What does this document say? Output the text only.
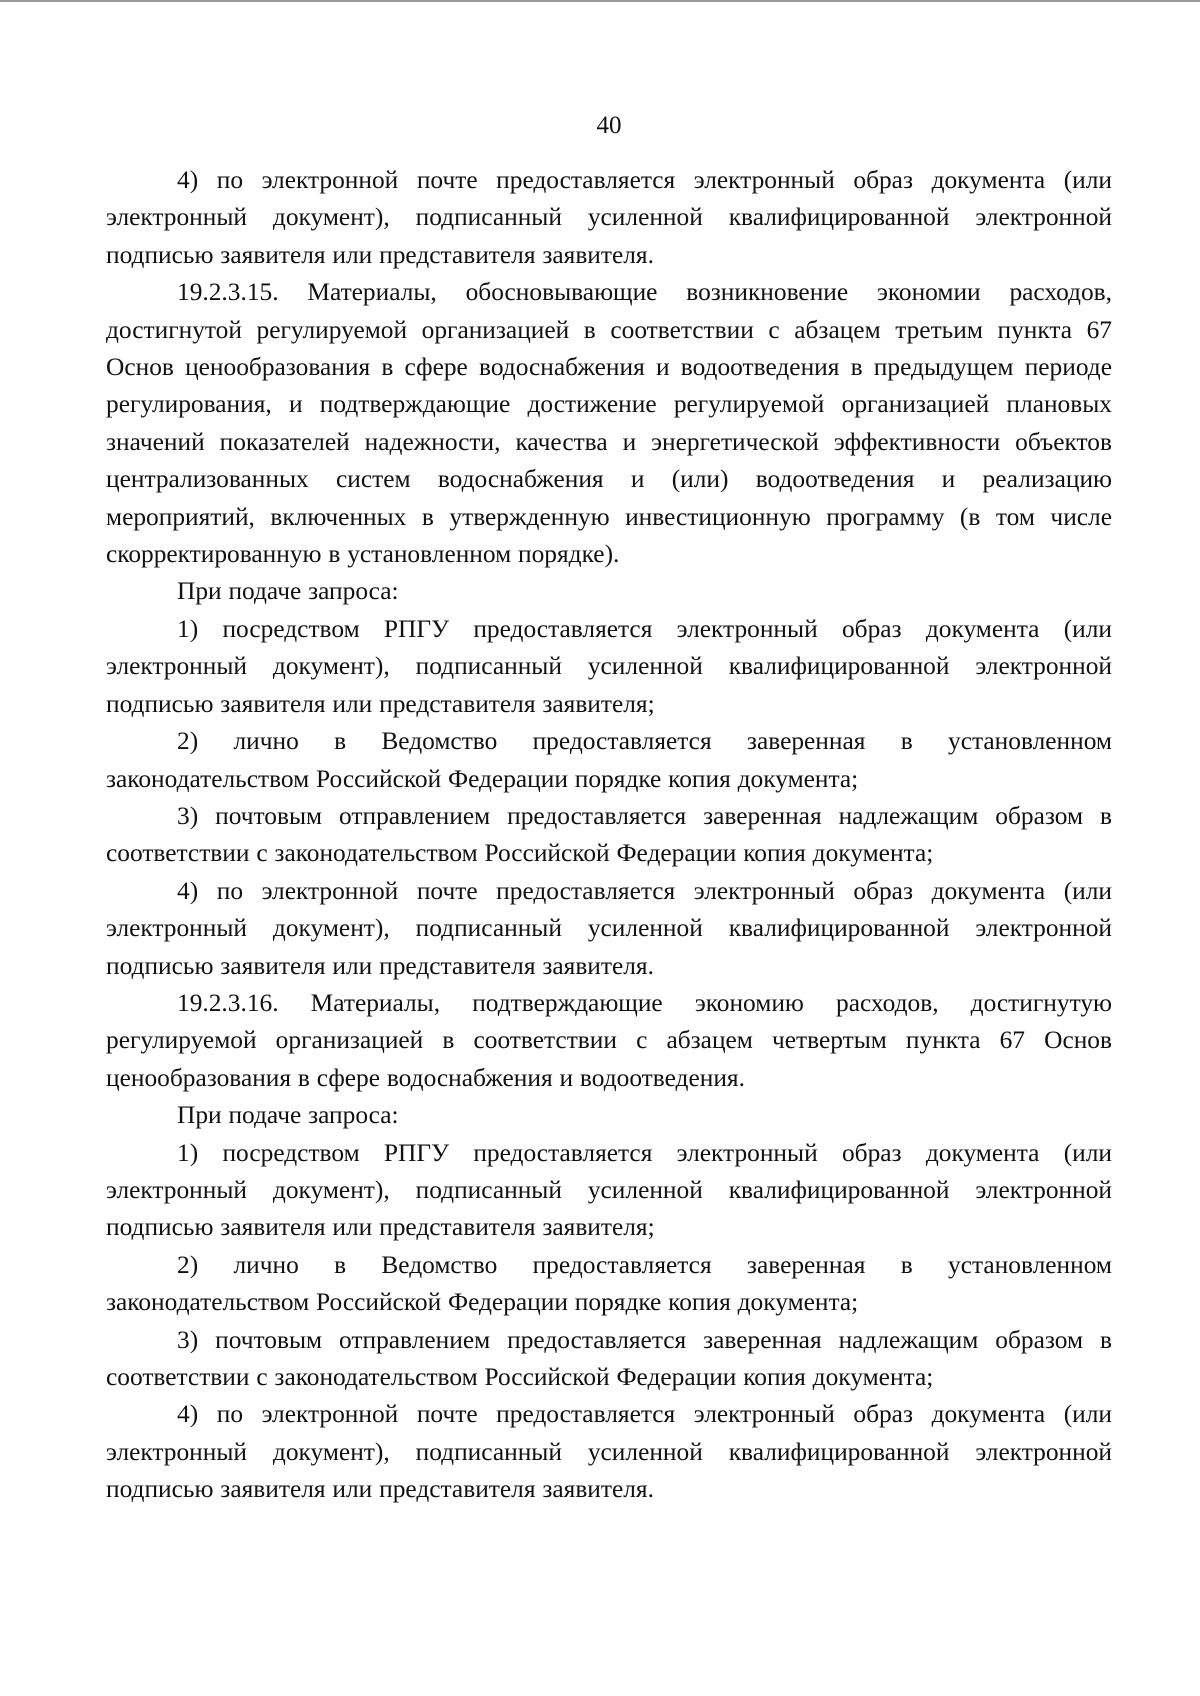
40

4) по электронной почте предоставляется электронный образ документа (или электронный документ), подписанный усиленной квалифицированной электронной подписью заявителя или представителя заявителя.

19.2.3.15. Материалы, обосновывающие возникновение экономии расходов, достигнутой регулируемой организацией в соответствии с абзацем третьим пункта 67 Основ ценообразования в сфере водоснабжения и водоотведения в предыдущем периоде регулирования, и подтверждающие достижение регулируемой организацией плановых значений показателей надежности, качества и энергетической эффективности объектов централизованных систем водоснабжения и (или) водоотведения и реализацию мероприятий, включенных в утвержденную инвестиционную программу (в том числе скорректированную в установленном порядке).

При подаче запроса:

1) посредством РПГУ предоставляется электронный образ документа (или электронный документ), подписанный усиленной квалифицированной электронной подписью заявителя или представителя заявителя;

2) лично в Ведомство предоставляется заверенная в установленном законодательством Российской Федерации порядке копия документа;

3) почтовым отправлением предоставляется заверенная надлежащим образом в соответствии с законодательством Российской Федерации копия документа;

4) по электронной почте предоставляется электронный образ документа (или электронный документ), подписанный усиленной квалифицированной электронной подписью заявителя или представителя заявителя.

19.2.3.16. Материалы, подтверждающие экономию расходов, достигнутую регулируемой организацией в соответствии с абзацем четвертым пункта 67 Основ ценообразования в сфере водоснабжения и водоотведения.

При подаче запроса:

1) посредством РПГУ предоставляется электронный образ документа (или электронный документ), подписанный усиленной квалифицированной электронной подписью заявителя или представителя заявителя;

2) лично в Ведомство предоставляется заверенная в установленном законодательством Российской Федерации порядке копия документа;

3) почтовым отправлением предоставляется заверенная надлежащим образом в соответствии с законодательством Российской Федерации копия документа;

4) по электронной почте предоставляется электронный образ документа (или электронный документ), подписанный усиленной квалифицированной электронной подписью заявителя или представителя заявителя.
